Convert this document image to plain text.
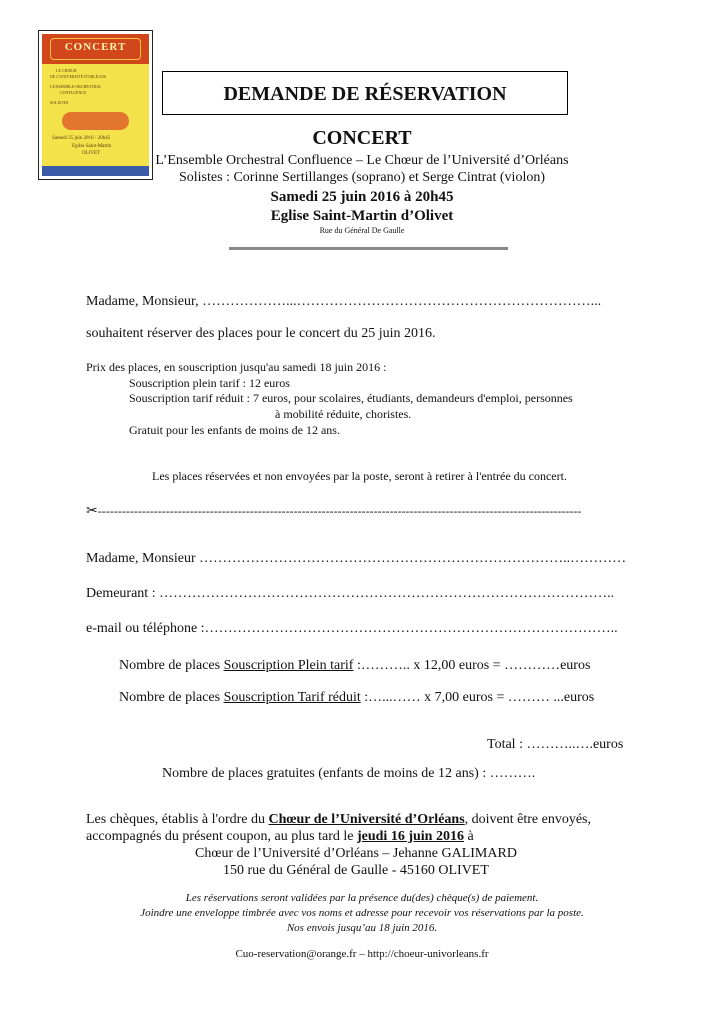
CONCERT
LE CHŒUR
DE L'UNIVERSITÉ D'ORLÉANS
L'ENSEMBLE ORCHESTRAL
CONFLUENCE
SOLISTES
Samedi 25 juin 2016 - 20h45
Eglise Saint-Martin
OLIVET
DEMANDE DE RÉSERVATION
CONCERT
L’Ensemble Orchestral Confluence – Le Chœur de l’Université d’Orléans
Solistes : Corinne Sertillanges (soprano) et Serge Cintrat (violon)
Samedi 25 juin 2016 à 20h45
Eglise Saint-Martin d’Olivet
Rue du Général De Gaulle
Madame, Monsieur, ………………...………………………………………………………...
souhaitent réserver des places pour le concert du 25 juin 2016.
Prix des places, en souscription jusqu'au samedi 18 juin 2016 :
Souscription plein tarif : 12 euros
Souscription tarif réduit : 7 euros, pour scolaires, étudiants, demandeurs d'emploi, personnes
à mobilité réduite, choristes.
Gratuit pour les enfants de moins de 12 ans.
Les places réservées et non envoyées par la poste, seront à retirer à l'entrée du concert.
✂-------------------------------------------------------------------------------------------------------------------------
Madame, Monsieur ……………………………………………………………………..…………
Demeurant : ……………………………………………………………………………………..
e-mail ou téléphone :……………………………………………………………………………..
Nombre de places Souscription Plein tarif :……….. x 12,00 euros = …………euros
Nombre de places Souscription Tarif réduit :…...…… x 7,00 euros = ……… ...euros
Total : ………..….euros
Nombre de places gratuites (enfants de moins de 12 ans) : ……….
Les chèques, établis à l'ordre du Chœur de l’Université d’Orléans, doivent être envoyés,
accompagnés du présent coupon, au plus tard le jeudi 16 juin 2016 à
Chœur de l’Université d’Orléans – Jehanne GALIMARD
150 rue du Général de Gaulle - 45160 OLIVET
Les réservations seront validées par la présence du(des) chèque(s) de paiement.
Joindre une enveloppe timbrée avec vos noms et adresse pour recevoir vos réservations par la poste.
Nos envois jusqu’au 18 juin 2016.
Cuo-reservation@orange.fr – http://choeur-univorleans.fr
